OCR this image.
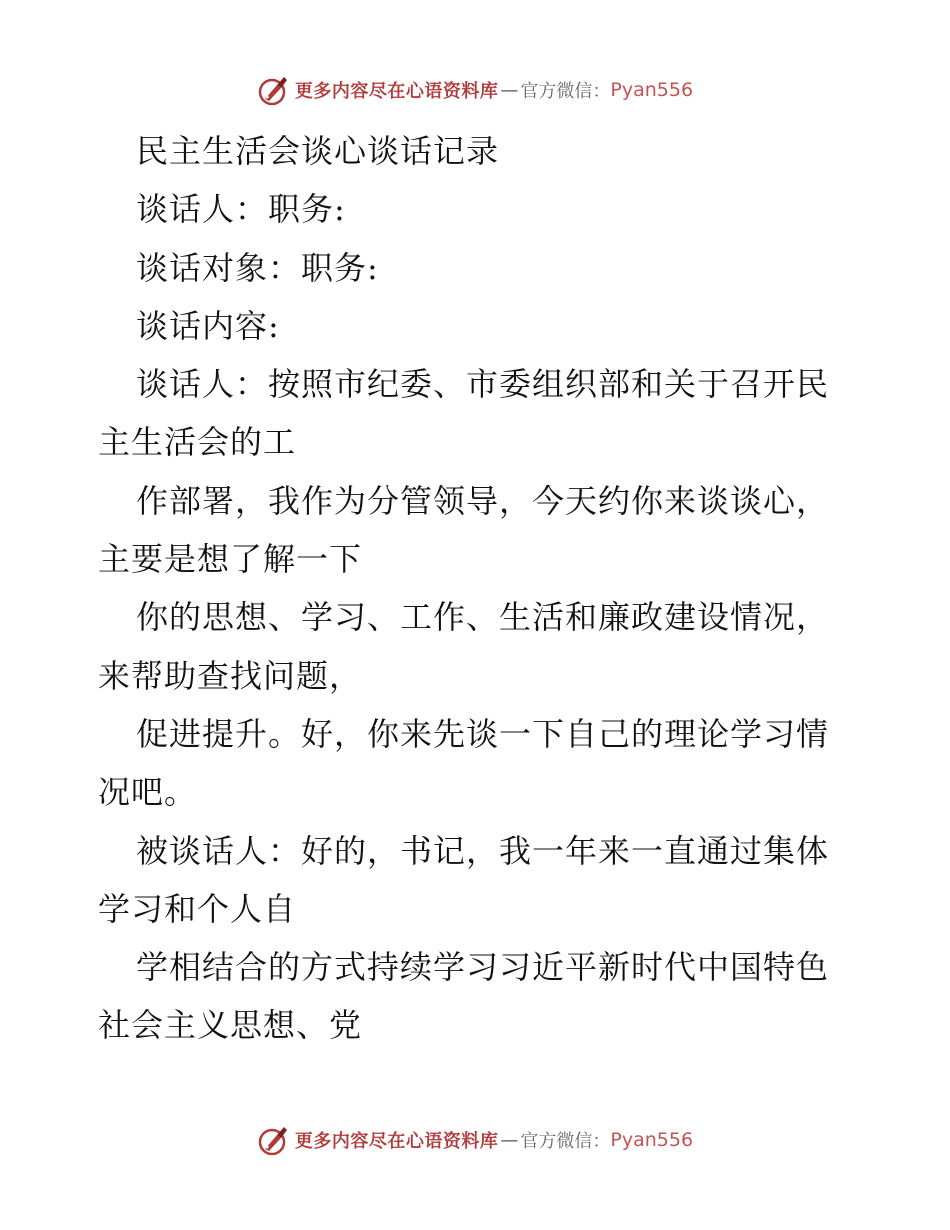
更多内容尽在心语资料库 — 官方微信： Pyan556
民主生活会谈心谈话记录
谈话人：职务:
谈话对象：职务:
谈话内容:
谈话人：按照市纪委、市委组织部和关于召开民
主生活会的工
作部署，我作为分管领导，今天约你来谈谈心，
主要是想了解一下
你的思想、学习、工作、生活和廉政建设情况，
来帮助查找问题，
促进提升。好，你来先谈一下自己的理论学习情
况吧。
被谈话人：好的，书记，我一年来一直通过集体
学习和个人自
学相结合的方式持续学习习近平新时代中国特色
社会主义思想、党
更多内容尽在心语资料库 — 官方微信： Pyan556
